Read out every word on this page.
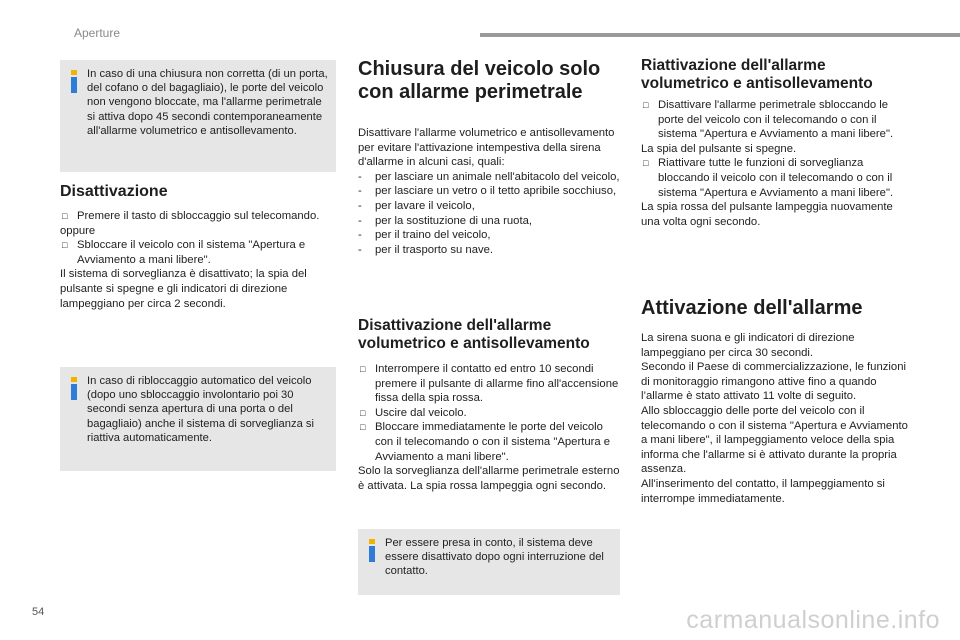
Aperture
In caso di una chiusura non corretta (di un porta, del cofano o del bagagliaio), le porte del veicolo non vengono bloccate, ma l'allarme perimetrale si attiva dopo 45 secondi contemporaneamente all'allarme volumetrico e antisollevamento.
Disattivazione

□ Premere il tasto di sbloccaggio sul telecomando.

oppure

□ Sbloccare il veicolo con il sistema "Apertura e Avviamento a mani libere".

Il sistema di sorveglianza è disattivato; la spia del pulsante si spegne e gli indicatori di direzione lampeggiano per circa 2 secondi.

In caso di ribloccaggio automatico del veicolo (dopo uno sbloccaggio involontario poi 30 secondi senza apertura di una porta o del bagagliaio) anche il sistema di sorveglianza si riattiva automaticamente.
Chiusura del veicolo solo con allarme perimetrale

Disattivare l'allarme volumetrico e antisollevamento per evitare l'attivazione intempestiva della sirena d'allarme in alcuni casi, quali:

- per lasciare un animale nell'abitacolo del veicolo,

- per lasciare un vetro o il tetto apribile socchiuso,

- per lavare il veicolo,

- per la sostituzione di una ruota,

- per il traino del veicolo,

- per il trasporto su nave.

Disattivazione dell'allarme volumetrico e antisollevamento

□ Interrompere il contatto ed entro 10 secondi premere il pulsante di allarme fino all'accensione fissa della spia rossa.

□ Uscire dal veicolo.

□ Bloccare immediatamente le porte del veicolo con il telecomando o con il sistema "Apertura e Avviamento a mani libere".

Solo la sorveglianza dell'allarme perimetrale esterno è attivata. La spia rossa lampeggia ogni secondo.

Per essere presa in conto, il sistema deve essere disattivato dopo ogni interruzione del contatto.
Riattivazione dell'allarme volumetrico e antisollevamento

□ Disattivare l'allarme perimetrale sbloccando le porte del veicolo con il telecomando o con il sistema "Apertura e Avviamento a mani libere".

La spia del pulsante si spegne.

□ Riattivare tutte le funzioni di sorveglianza bloccando il veicolo con il telecomando o con il sistema "Apertura e Avviamento a mani libere".

La spia rossa del pulsante lampeggia nuovamente una volta ogni secondo.

Attivazione dell'allarme

La sirena suona e gli indicatori di direzione lampeggiano per circa 30 secondi.

Secondo il Paese di commercializzazione, le funzioni di monitoraggio rimangono attive fino a quando l’allarme è stato attivato 11 volte di seguito.

Allo sbloccaggio delle porte del veicolo con il telecomando o con il sistema "Apertura e Avviamento a mani libere", il lampeggiamento veloce della spia informa che l'allarme si è attivato durante la propria assenza.

All'inserimento del contatto, il lampeggiamento si interrompe immediatamente.

54	carmanualsonline.info
